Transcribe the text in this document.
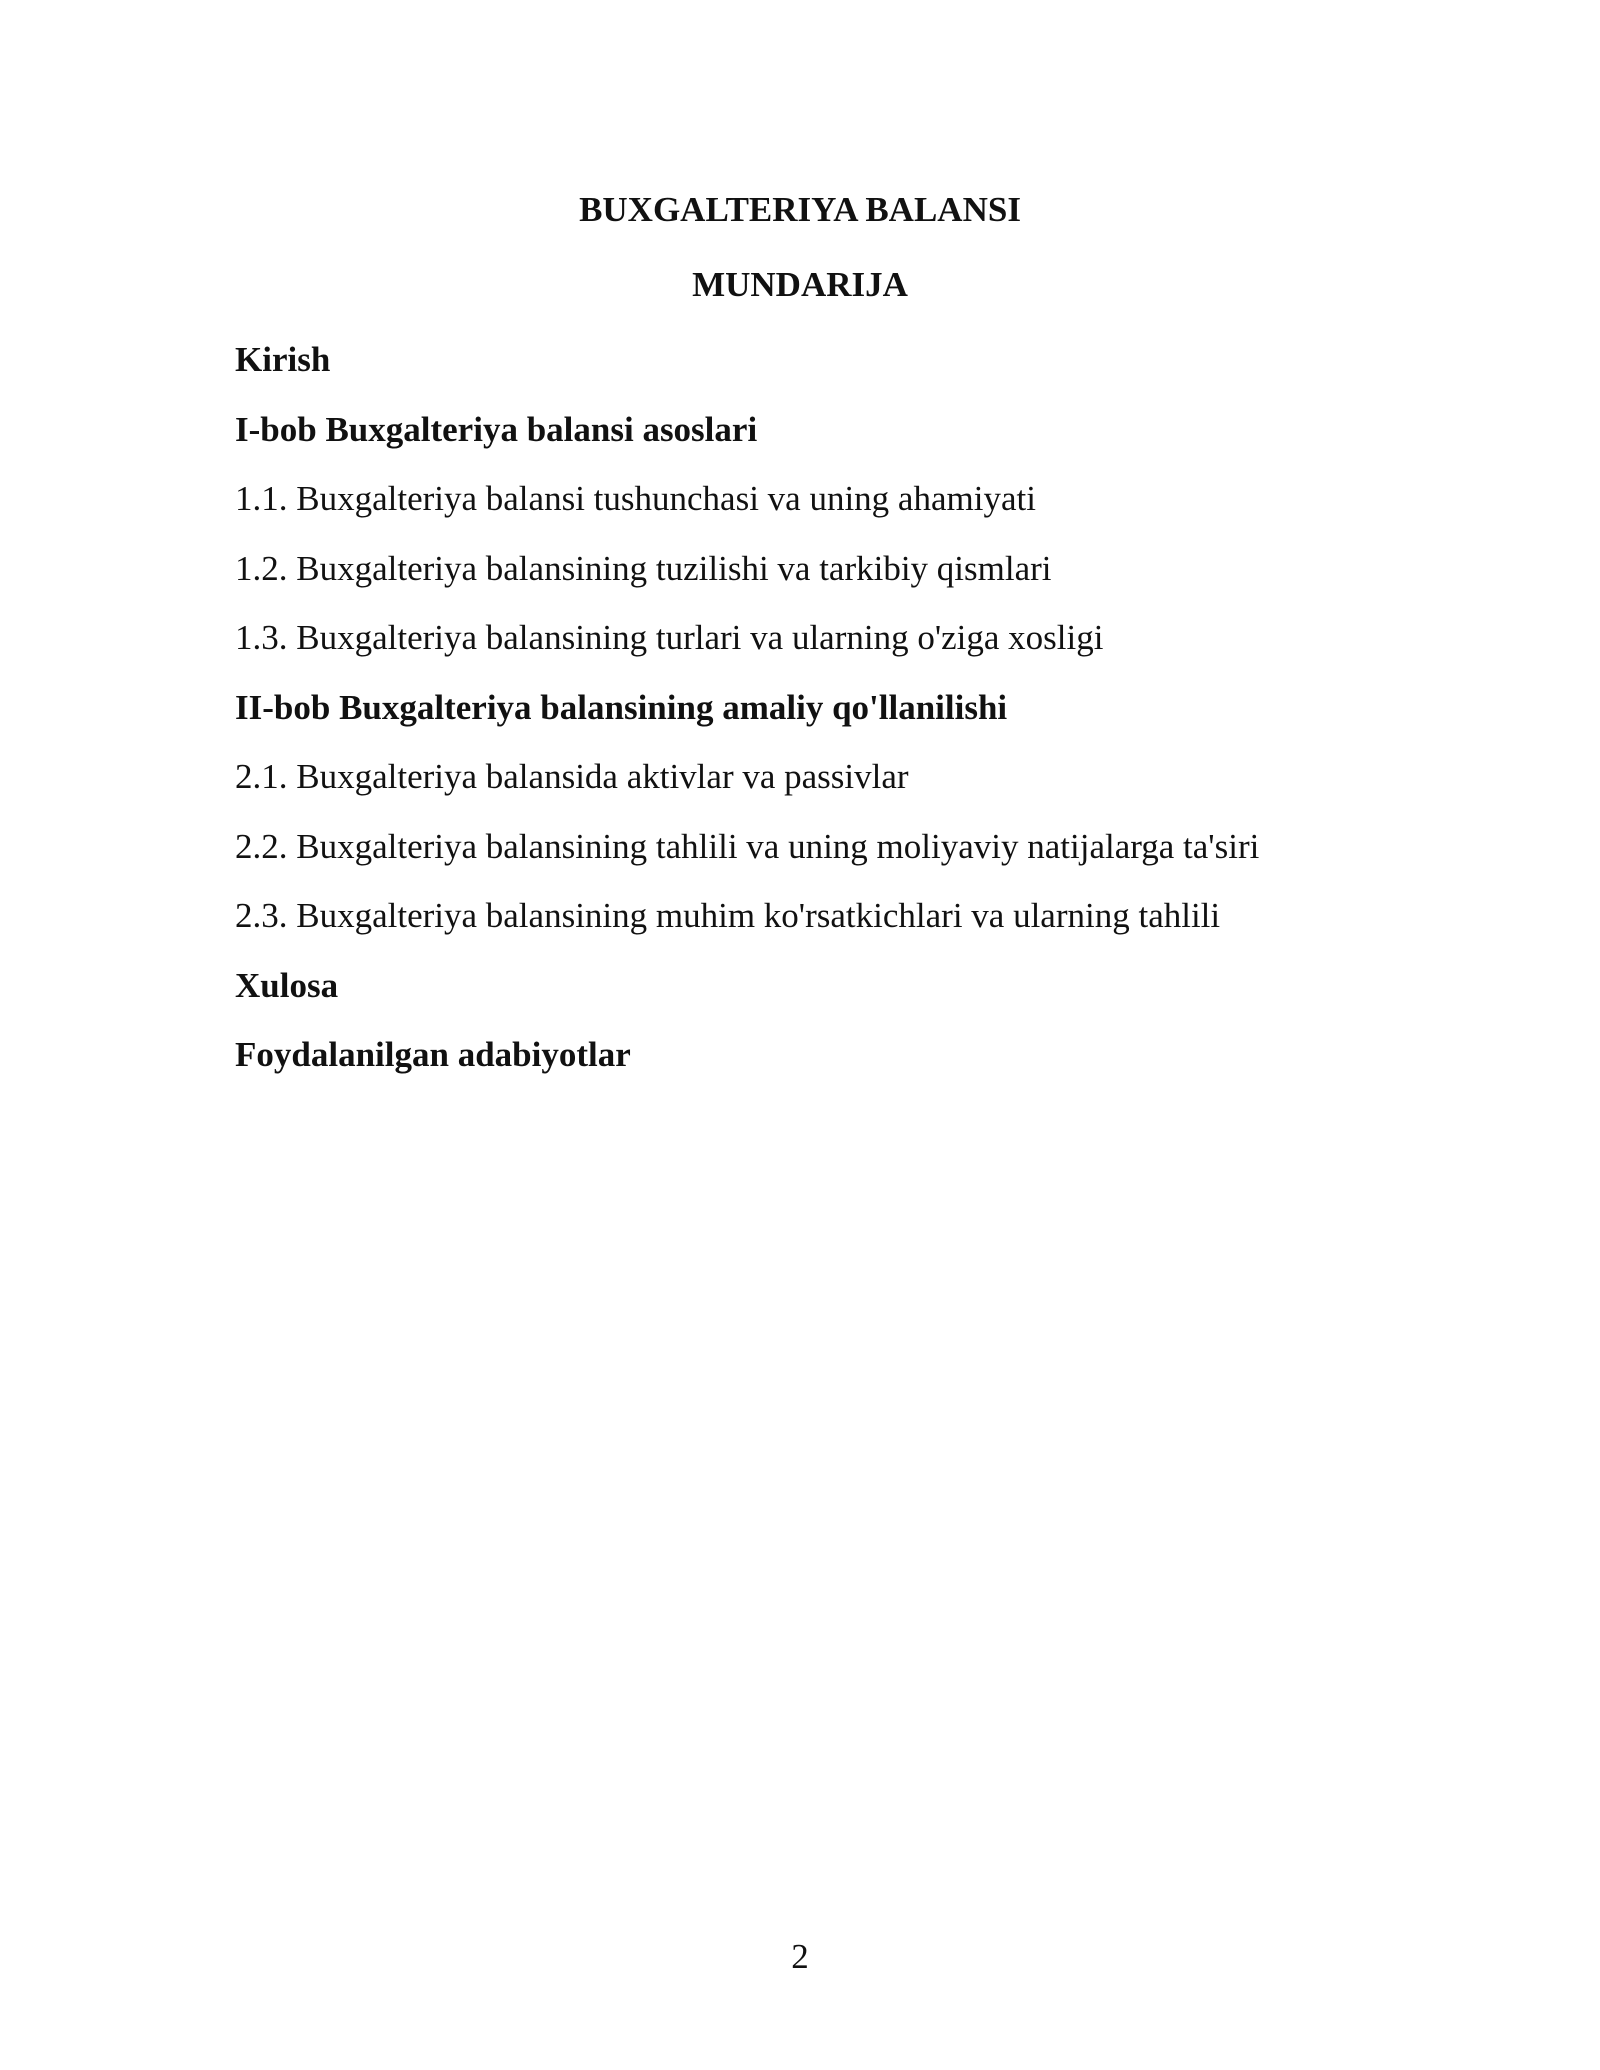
BUXGALTERIYA BALANSI
MUNDARIJA
Kirish
I-bob Buxgalteriya balansi asoslari
1.1. Buxgalteriya balansi tushunchasi va uning ahamiyati
1.2. Buxgalteriya balansining tuzilishi va tarkibiy qismlari
1.3. Buxgalteriya balansining turlari va ularning o'ziga xosligi
II-bob Buxgalteriya balansining amaliy qo'llanilishi
2.1. Buxgalteriya balansida aktivlar va passivlar
2.2. Buxgalteriya balansining tahlili va uning moliyaviy natijalarga ta'siri
2.3. Buxgalteriya balansining muhim ko'rsatkichlari va ularning tahlili
Xulosa
Foydalanilgan adabiyotlar
2
